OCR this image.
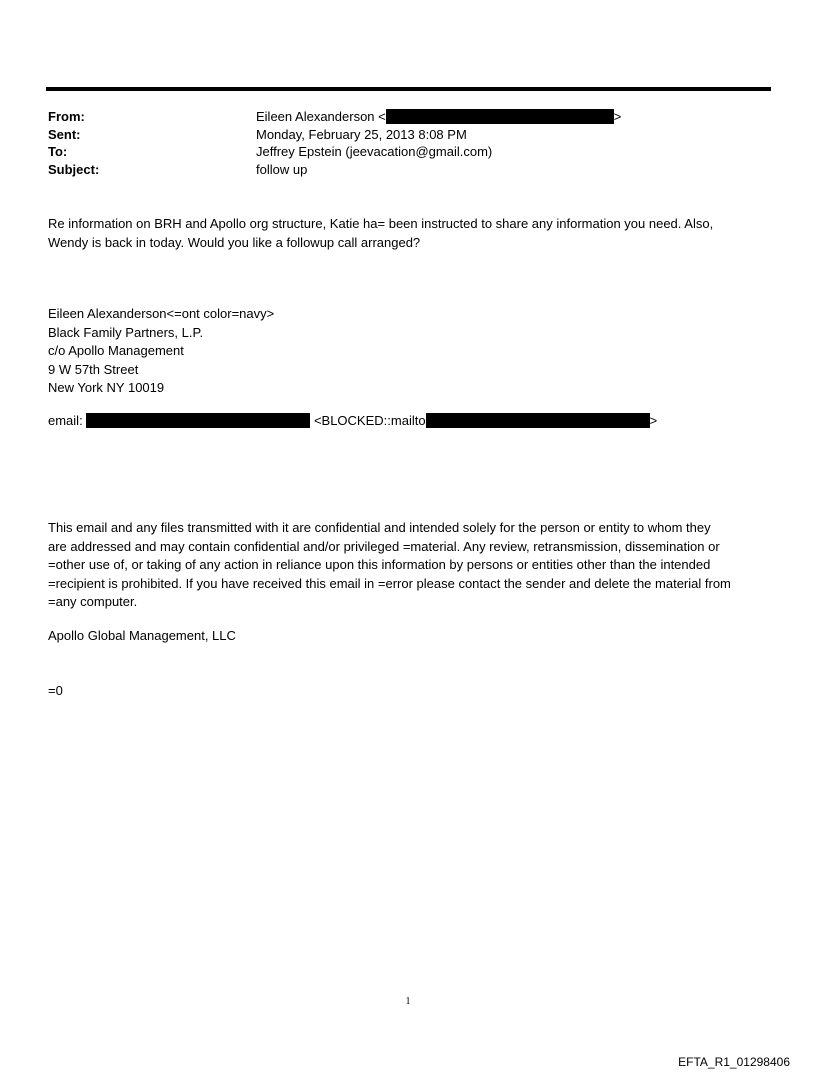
From:	Eileen Alexanderson <	>
Sent:	Monday, February 25, 2013 8:08 PM
To:	Jeffrey Epstein (jeevacation@gmail.com)
Subject:	follow up
Re information on BRH and Apollo org structure, Katie ha= been instructed to share any information you need. Also,
Wendy is back in today. Would you like a followup call arranged?
Eileen Alexanderson<=ont color=navy>
Black Family Partners, L.P.
c/o Apollo Management
9 W 57th Street
New York NY 10019
email:	<BLOCKED::mailto	>
This email and any files transmitted with it are confidential and intended solely for the person or entity to whom they
are addressed and may contain confidential and/or privileged =material. Any review, retransmission, dissemination or
=other use of, or taking of any action in reliance upon this information by persons or entities other than the intended
=recipient is prohibited. If you have received this email in =error please contact the sender and delete the material from
=any computer.
Apollo Global Management, LLC
=0
1
EFTA_R1_01298406
